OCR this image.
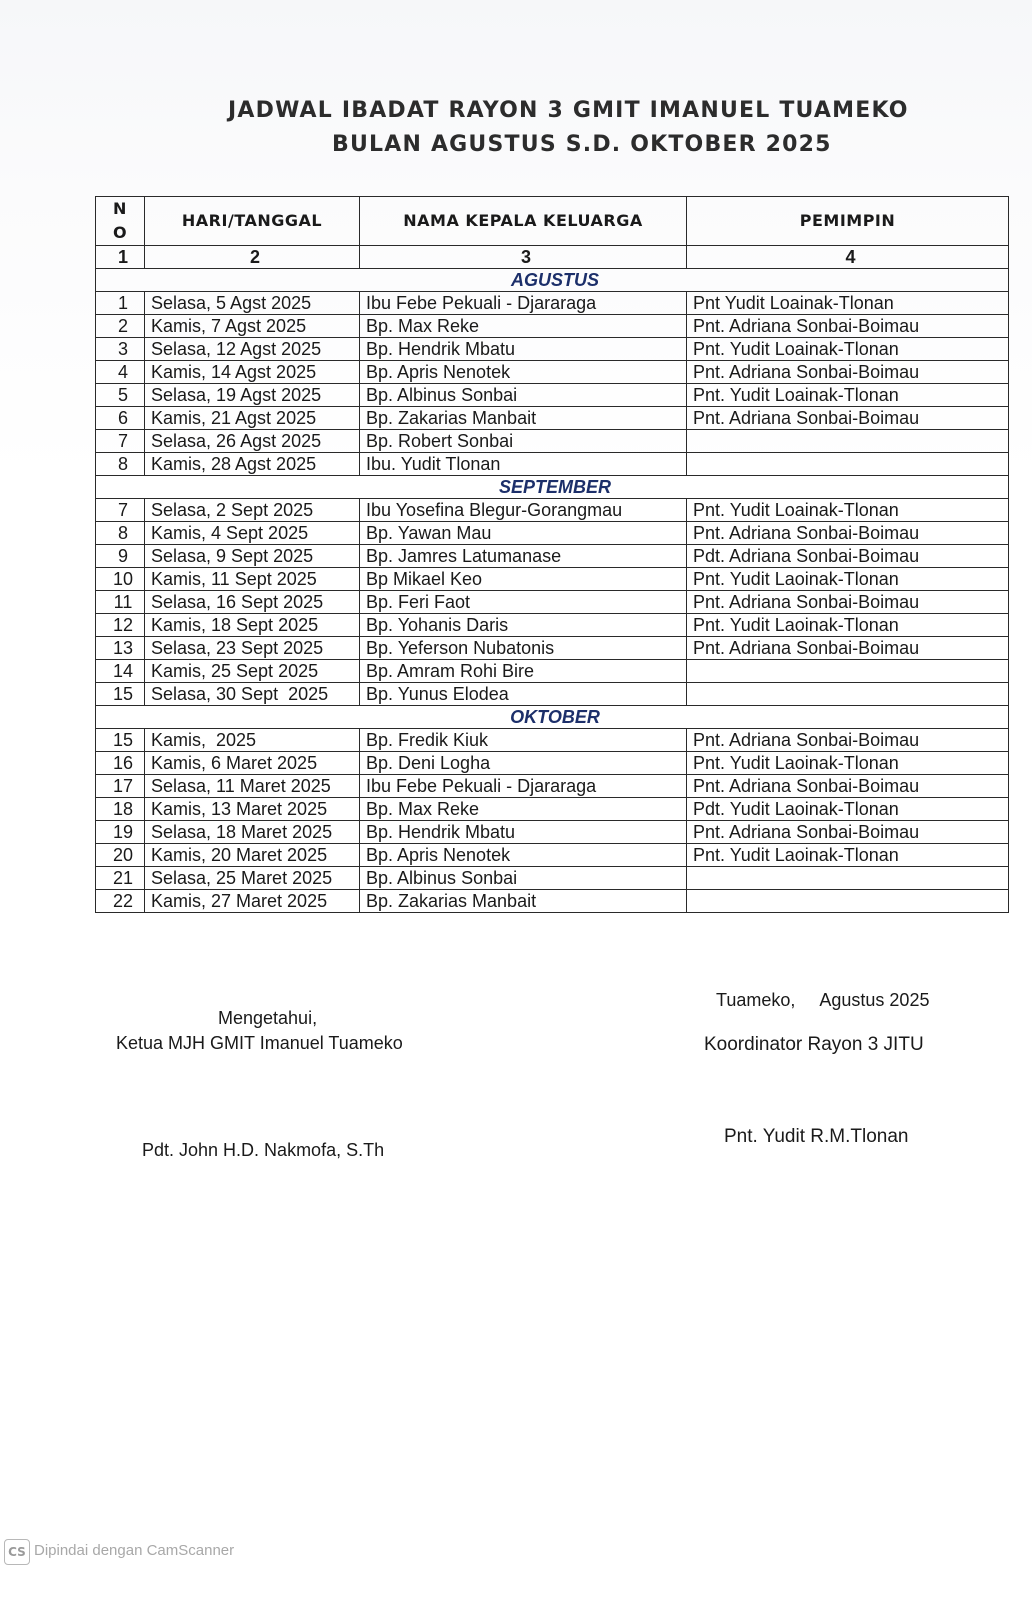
JADWAL IBADAT RAYON 3 GMIT IMANUEL TUAMEKO
BULAN AGUSTUS S.D. OKTOBER 2025
N
O	HARI/TANGGAL	NAMA KEPALA KELUARGA	PEMIMPIN
1	2	3	4
AGUSTUS			
1	Selasa, 5 Agst 2025	Ibu Febe Pekuali - Djararaga	Pnt Yudit Loainak-Tlonan
2	Kamis, 7 Agst 2025	Bp. Max Reke	Pnt. Adriana Sonbai-Boimau
3	Selasa, 12 Agst 2025	Bp. Hendrik Mbatu	Pnt. Yudit Loainak-Tlonan
4	Kamis, 14 Agst 2025	Bp. Apris Nenotek	Pnt. Adriana Sonbai-Boimau
5	Selasa, 19 Agst 2025	Bp. Albinus Sonbai	Pnt. Yudit Loainak-Tlonan
6	Kamis, 21 Agst 2025	Bp. Zakarias Manbait	Pnt. Adriana Sonbai-Boimau
7	Selasa, 26 Agst 2025	Bp. Robert Sonbai	
8	Kamis, 28 Agst 2025	Ibu. Yudit Tlonan	
SEPTEMBER			
7	Selasa, 2 Sept 2025	Ibu Yosefina Blegur-Gorangmau	Pnt. Yudit Loainak-Tlonan
8	Kamis, 4 Sept 2025	Bp. Yawan Mau	Pnt. Adriana Sonbai-Boimau
9	Selasa, 9 Sept 2025	Bp. Jamres Latumanase	Pdt. Adriana Sonbai-Boimau
10	Kamis, 11 Sept 2025	Bp Mikael Keo	Pnt. Yudit Laoinak-Tlonan
11	Selasa, 16 Sept 2025	Bp. Feri Faot	Pnt. Adriana Sonbai-Boimau
12	Kamis, 18 Sept 2025	Bp. Yohanis Daris	Pnt. Yudit Laoinak-Tlonan
13	Selasa, 23 Sept 2025	Bp. Yeferson Nubatonis	Pnt. Adriana Sonbai-Boimau
14	Kamis, 25 Sept 2025	Bp. Amram Rohi Bire	
15	Selasa, 30 Sept  2025	Bp. Yunus Elodea	
OKTOBER			
15	Kamis,  2025	Bp. Fredik Kiuk	Pnt. Adriana Sonbai-Boimau
16	Kamis, 6 Maret 2025	Bp. Deni Logha	Pnt. Yudit Laoinak-Tlonan
17	Selasa, 11 Maret 2025	Ibu Febe Pekuali - Djararaga	Pnt. Adriana Sonbai-Boimau
18	Kamis, 13 Maret 2025	Bp. Max Reke	Pdt. Yudit Laoinak-Tlonan
19	Selasa, 18 Maret 2025	Bp. Hendrik Mbatu	Pnt. Adriana Sonbai-Boimau
20	Kamis, 20 Maret 2025	Bp. Apris Nenotek	Pnt. Yudit Laoinak-Tlonan
21	Selasa, 25 Maret 2025	Bp. Albinus Sonbai	
22	Kamis, 27 Maret 2025	Bp. Zakarias Manbait	
Mengetahui,
Ketua MJH GMIT Imanuel Tuameko
Pdt. John H.D. Nakmofa, S.Th
Tuameko,     Agustus 2025
Koordinator Rayon 3 JITU
Pnt. Yudit R.M.Tlonan
CS Dipindai dengan CamScanner
